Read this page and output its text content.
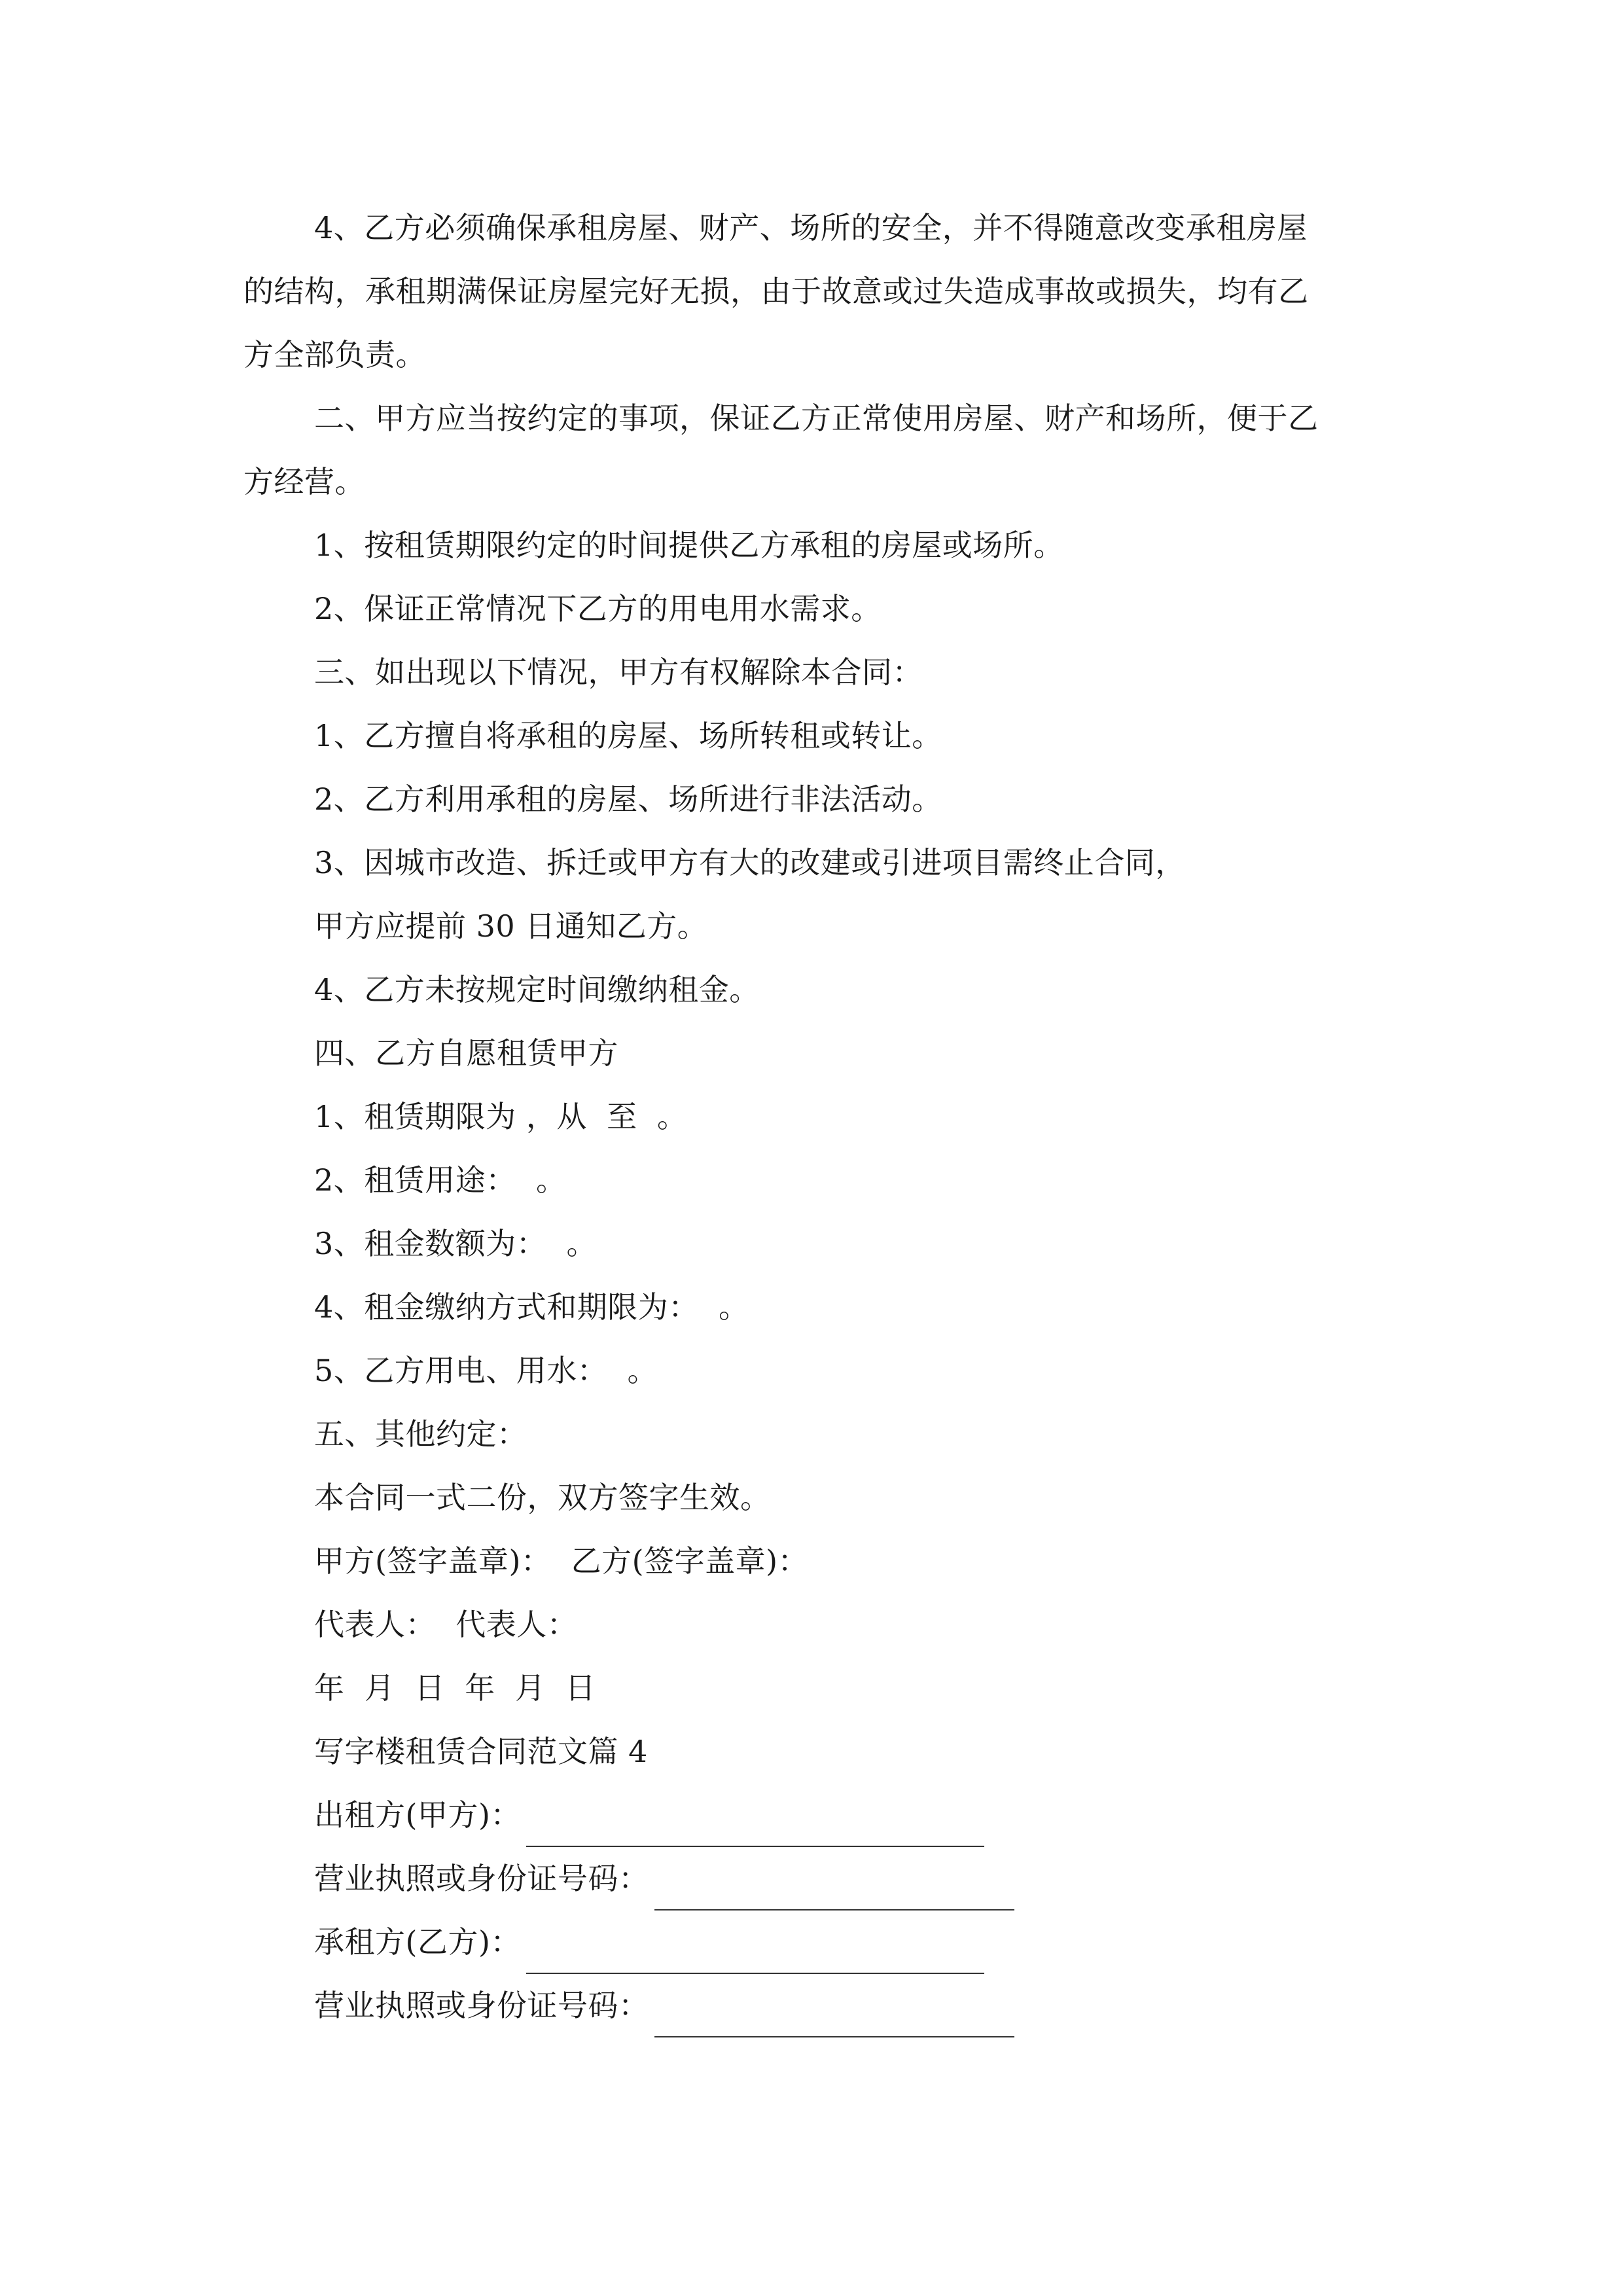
4、乙方必须确保承租房屋、财产、场所的安全，并不得随意改变承租房屋
的结构，承租期满保证房屋完好无损，由于故意或过失造成事故或损失，均有乙
方全部负责。
二、甲方应当按约定的事项，保证乙方正常使用房屋、财产和场所，便于乙
方经营。
1、按租赁期限约定的时间提供乙方承租的房屋或场所。
2、保证正常情况下乙方的用电用水需求。
三、如出现以下情况，甲方有权解除本合同：
1、乙方擅自将承租的房屋、场所转租或转让。
2、乙方利用承租的房屋、场所进行非法活动。
3、因城市改造、拆迁或甲方有大的改建或引进项目需终止合同，
甲方应提前 30 日通知乙方。
4、乙方未按规定时间缴纳租金。
四、乙方自愿租赁甲方
1、租赁期限为 ，从  至  。
2、租赁用途：  。
3、租金数额为：  。
4、租金缴纳方式和期限为：  。
5、乙方用电、用水：  。
五、其他约定：
本合同一式二份，双方签字生效。
甲方(签字盖章)：  乙方(签字盖章)：
代表人：  代表人：
年  月  日  年  月  日
写字楼租赁合同范文篇 4
出租方(甲方)：
营业执照或身份证号码：
承租方(乙方)：
营业执照或身份证号码：
